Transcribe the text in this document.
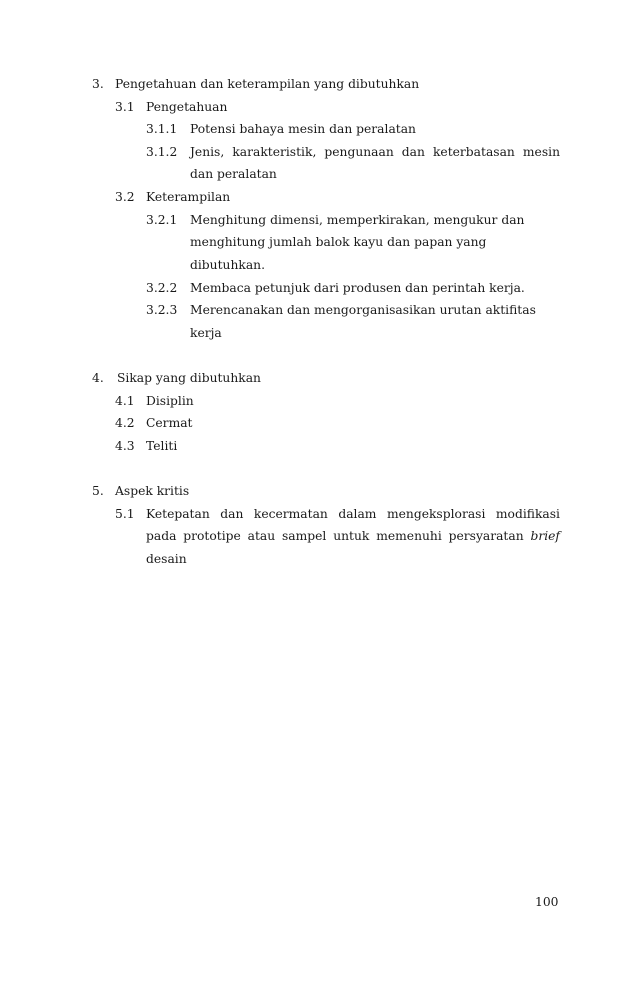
3. Pengetahuan dan keterampilan yang dibutuhkan
3.1 Pengetahuan
3.1.1 Potensi bahaya mesin dan peralatan
3.1.2 Jenis, karakteristik, pengunaan dan keterbatasan mesin
dan peralatan
3.2 Keterampilan
3.2.1 Menghitung dimensi, memperkirakan, mengukur dan
menghitung jumlah balok kayu dan papan yang
dibutuhkan.
3.2.2 Membaca petunjuk dari produsen dan perintah kerja.
3.2.3 Merencanakan dan mengorganisasikan urutan aktifitas
kerja
4. Sikap yang dibutuhkan
4.1 Disiplin
4.2 Cermat
4.3 Teliti
5. Aspek kritis
5.1 Ketepatan dan kecermatan dalam mengeksplorasi modifikasi
pada prototipe atau sampel untuk memenuhi persyaratan brief
desain
100
